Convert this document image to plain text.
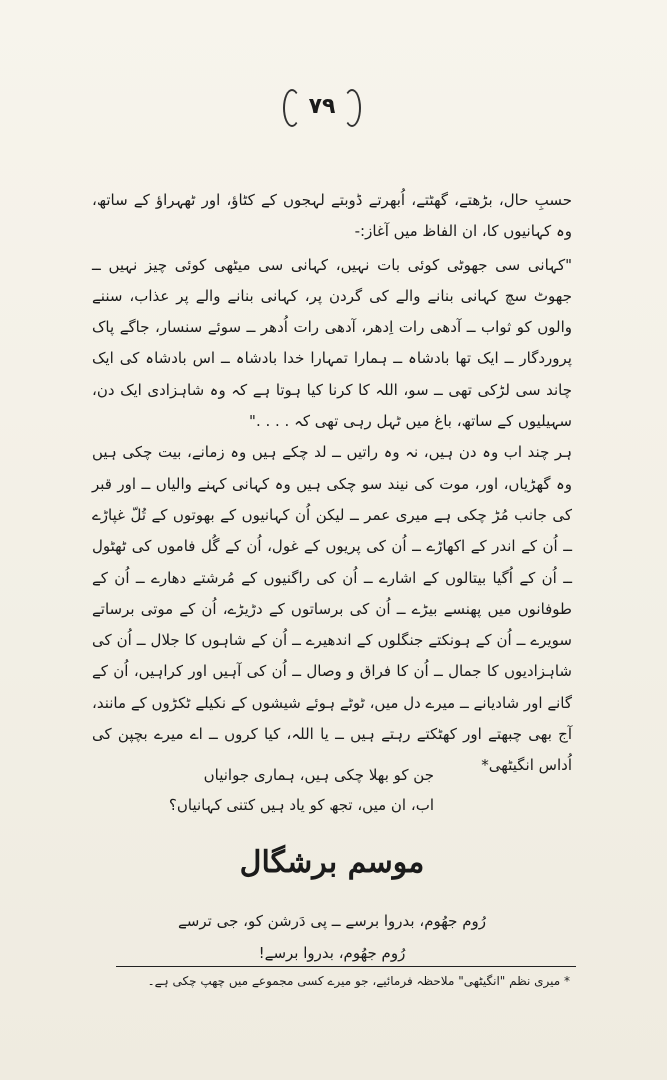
۷۹

حسبِ حال، بڑھتے، گھٹتے، اُبھرتے ڈوبتے لہجوں کے کٹاؤ، اور ٹھہراؤ کے ساتھ، وہ کہانیوں کا، ان الفاظ میں آغاز:-

"کہانی سی جھوٹی کوئی بات نہیں، کہانی سی میٹھی کوئی چیز نہیں ــ جھوٹ سچ کہانی بنانے والے کی گردن پر، کہانی بنانے والے پر عذاب، سننے والوں کو ثواب ــ آدھی رات اِدھر، آدھی رات اُدھر ــ سوئے سنسار، جاگے پاک پروردگار ــ ایک تھا بادشاہ ــ ہمارا تمہارا خدا بادشاہ ــ اس بادشاہ کی ایک چاند سی لڑکی تھی ــ سو، اللہ کا کرنا کیا ہوتا ہے کہ وہ شاہزادی ایک دن، سہیلیوں کے ساتھ، باغ میں ٹہل رہی تھی کہ . . . ."

ہر چند اب وہ دن ہیں، نہ وہ راتیں ــ لد چکے ہیں وہ زمانے، بیت چکی ہیں وہ گھڑیاں، اور، موت کی نیند سو چکی ہیں وہ کہانی کہنے والیاں ــ اور قبر کی جانب مُڑ چکی ہے میری عمر ــ لیکن اُن کہانیوں کے بھوتوں کے تُلّ غپاڑے ــ اُن کے اندر کے اکھاڑے ــ اُن کی پریوں کے غول، اُن کے گُل فاموں کی ٹھٹول ــ اُن کے اُگیا بیتالوں کے اشارے ــ اُن کی راگنیوں کے مُرشتے دھارے ــ اُن کے طوفانوں میں پھنسے بیڑے ــ اُن کی برساتوں کے دڑیڑے، اُن کے موتی برساتے سویرے ــ اُن کے ہونکتے جنگلوں کے اندھیرے ــ اُن کے شاہوں کا جلال ــ اُن کی شاہزادیوں کا جمال ــ اُن کا فراق و وصال ــ اُن کی آہیں اور کراہیں، اُن کے گانے اور شادیانے ــ میرے دل میں، ٹوٹے ہوئے شیشوں کے نکیلے ٹکڑوں کے مانند، آج بھی چبھتے اور کھٹکتے رہتے ہیں ــ یا اللہ، کیا کروں ــ اے میرے بچپن کی اُداس انگیٹھی*

جن کو بھلا چکی ہیں، ہماری جوانیاں
اب، ان میں، تجھ کو یاد ہیں کتنی کہانیاں؟
موسم برشگال
رُوم جھُوم، بدروا برسے ــ پی دَرشن کو، جی ترسے
رُوم جھُوم، بدروا برسے!
* میری نظم "انگیٹھی" ملاحظہ فرمائیے، جو میرے کسی مجموعے میں چھپ چکی ہے۔
